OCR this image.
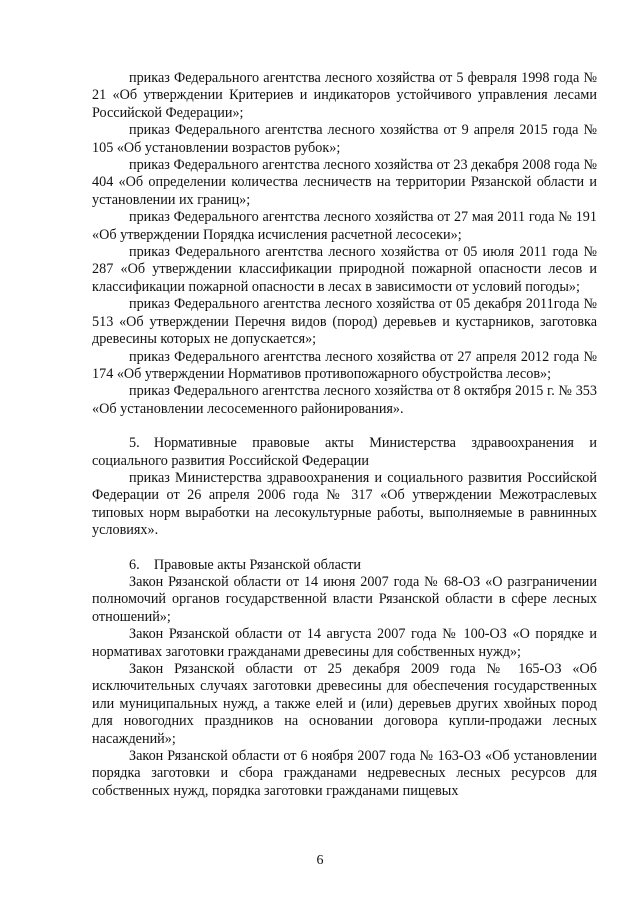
приказ Федерального агентства лесного хозяйства от 5 февраля 1998 года № 21 «Об утверждении Критериев и индикаторов устойчивого управления лесами Российской Федерации»;

приказ Федерального агентства лесного хозяйства от 9 апреля 2015 года № 105 «Об установлении возрастов рубок»;

приказ Федерального агентства лесного хозяйства от 23 декабря 2008 года № 404 «Об определении количества лесничеств на территории Рязанской области и установлении их границ»;

приказ Федерального агентства лесного хозяйства от 27 мая 2011 года № 191 «Об утверждении Порядка исчисления расчетной лесосеки»;

приказ Федерального агентства лесного хозяйства от 05 июля 2011 года № 287 «Об утверждении классификации природной пожарной опасности лесов и классификации пожарной опасности в лесах в зависимости от условий погоды»;

приказ Федерального агентства лесного хозяйства от 05 декабря 2011года № 513 «Об утверждении Перечня видов (пород) деревьев и кустарников, заготовка древесины которых не допускается»;

приказ Федерального агентства лесного хозяйства от 27 апреля 2012 года № 174 «Об утверждении Нормативов противопожарного обустройства лесов»;

приказ Федерального агентства лесного хозяйства от 8 октября 2015 г. № 353 «Об установлении лесосеменного районирования».

5. Нормативные правовые акты Министерства здравоохранения и социального развития Российской Федерации

приказ Министерства здравоохранения и социального развития Российской Федерации от 26 апреля 2006 года № 317 «Об утверждении Межотраслевых типовых норм выработки на лесокультурные работы, выполняемые в равнинных условиях».

6. Правовые акты Рязанской области

Закон Рязанской области от 14 июня 2007 года № 68-ОЗ «О разграничении полномочий органов государственной власти Рязанской области в сфере лесных отношений»;

Закон Рязанской области от 14 августа 2007 года № 100-ОЗ «О порядке и нормативах заготовки гражданами древесины для собственных нужд»;

Закон Рязанской области от 25 декабря 2009 года № 165-ОЗ «Об исключительных случаях заготовки древесины для обеспечения государственных или муниципальных нужд, а также елей и (или) деревьев других хвойных пород для новогодних праздников на основании договора купли-продажи лесных насаждений»;

Закон Рязанской области от 6 ноября 2007 года № 163-ОЗ «Об установлении порядка заготовки и сбора гражданами недревесных лесных ресурсов для собственных нужд, порядка заготовки гражданами пищевых

6
